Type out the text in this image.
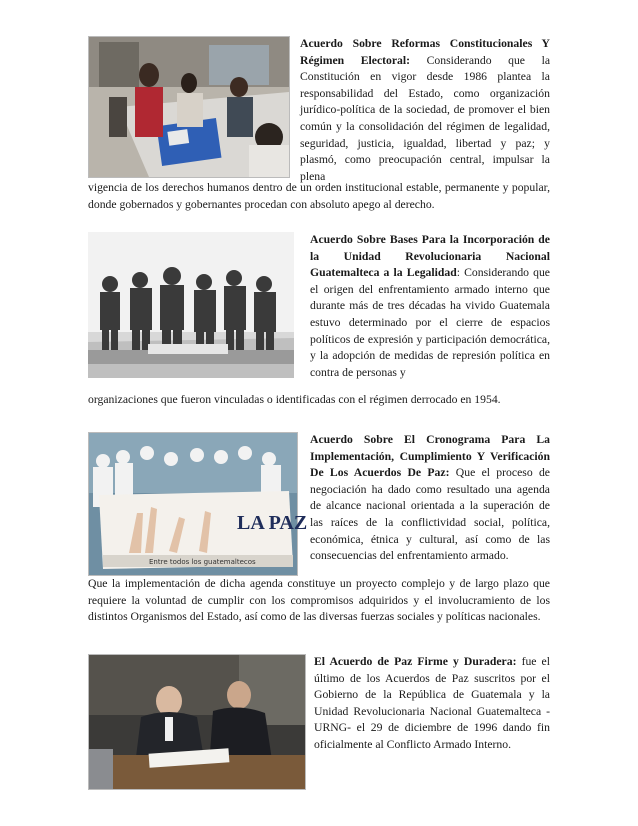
Acuerdo Sobre Reformas Constitucionales Y Régimen Electoral: Considerando que la Constitución en vigor desde 1986 plantea la responsabilidad del Estado, como organización jurídico-política de la sociedad, de promover el bien común y la consolidación del régimen de legalidad, seguridad, justicia, igualdad, libertad y paz; y plasmó, como preocupación central, impulsar la plena
vigencia de los derechos humanos dentro de un orden institucional estable, permanente y popular, donde gobernados y gobernantes procedan con absoluto apego al derecho.
Acuerdo Sobre Bases Para la Incorporación de la Unidad Revolucionaria Nacional Guatemalteca a la Legalidad: Considerando que el origen del enfrentamiento armado interno que durante más de tres décadas ha vivido Guatemala estuvo determinado por el cierre de espacios políticos de expresión y participación democrática, y la adopción de medidas de represión política en contra de personas y
organizaciones que fueron vinculadas o identificadas con el régimen derrocado en 1954.
LA PAZ
Entre todos los guatemaltecos
Acuerdo Sobre El Cronograma Para La Implementación, Cumplimiento Y Verificación De Los Acuerdos De Paz: Que el proceso de negociación ha dado como resultado una agenda de alcance nacional orientada a la superación de las raíces de la conflictividad social, política, económica, étnica y cultural, así como de las consecuencias del enfrentamiento armado.
Que la implementación de dicha agenda constituye un proyecto complejo y de largo plazo que requiere la voluntad de cumplir con los compromisos adquiridos y el involucramiento de los distintos Organismos del Estado, así como de las diversas fuerzas sociales y políticas nacionales.
El Acuerdo de Paz Firme y Duradera: fue el último de los Acuerdos de Paz suscritos por el Gobierno de la República de Guatemala y la Unidad Revolucionaria Nacional Guatemalteca -URNG- el 29 de diciembre de 1996 dando fin oficialmente al Conflicto Armado Interno.
